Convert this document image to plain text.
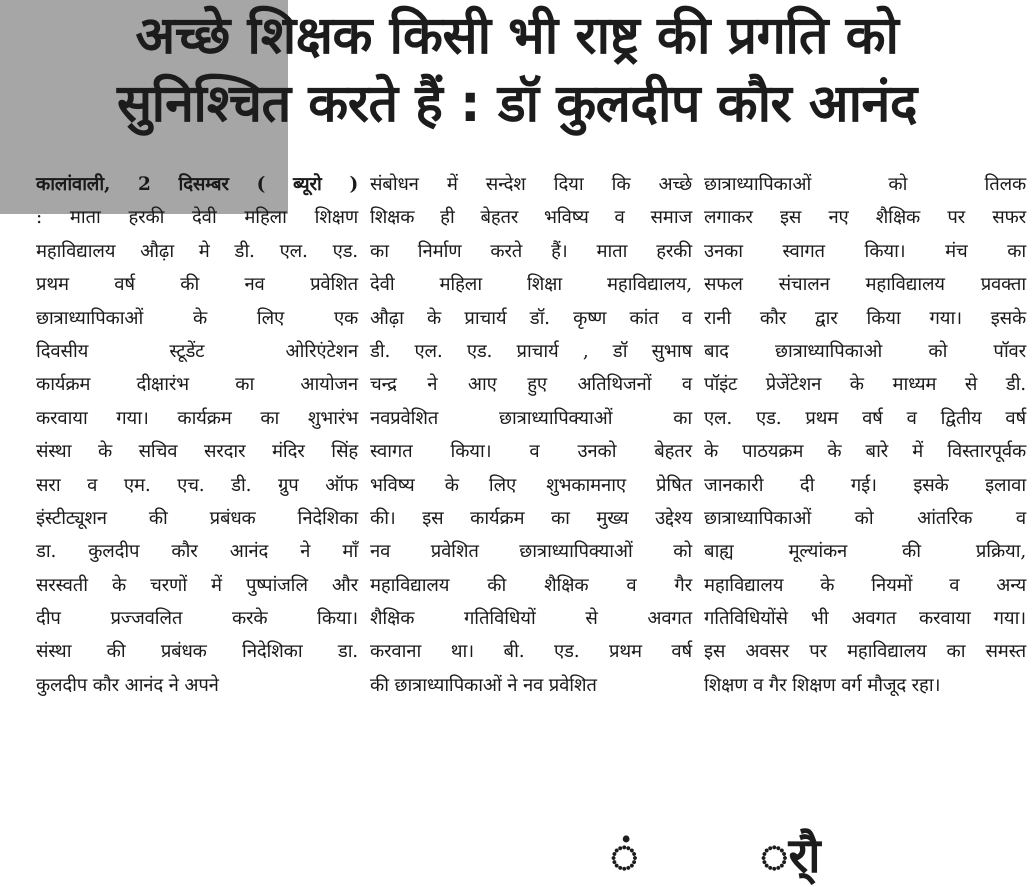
अच्छे शिक्षक किसी भी राष्ट्र की प्रगति को
सुनिश्चित करते हैं : डॉ कुलदीप कौर आनंद
कालांवाली, 2 दिसम्बर ( ब्यूरो )
: माता हरकी देवी महिला शिक्षण
महाविद्यालय औढ़ा मे डी. एल. एड.
प्रथम वर्ष की नव प्रवेशित
छात्राध्यापिकाओं के लिए एक
दिवसीय स्टूडेंट ओरिएंटेशन
कार्यक्रम दीक्षारंभ का आयोजन
करवाया गया। कार्यक्रम का शुभारंभ
संस्था के सचिव सरदार मंदिर सिंह
सरा व एम. एच. डी. ग्रुप ऑफ
इंस्टीट्यूशन की प्रबंधक निदेशिका
डा. कुलदीप कौर आनंद ने माँ
सरस्वती के चरणों में पुष्पांजलि और
दीप प्रज्जवलित करके किया।
संस्था की प्रबंधक निदेशिका डा.
कुलदीप कौर आनंद ने अपने
संबोधन में सन्देश दिया कि अच्छे
शिक्षक ही बेहतर भविष्य व समाज
का निर्माण करते हैं। माता हरकी
देवी महिला शिक्षा महाविद्यालय,
औढ़ा के प्राचार्य डॉ. कृष्ण कांत व
डी. एल. एड. प्राचार्य , डॉ सुभाष
चन्द्र ने आए हुए अतिथिजनों व
नवप्रवेशित छात्राध्यापिक्याओं का
स्वागत किया। व उनको बेहतर
भविष्य के लिए शुभकामनाए प्रेषित
की। इस कार्यक्रम का मुख्य उद्देश्य
नव प्रवेशित छात्राध्यापिक्याओं को
महाविद्यालय की शैक्षिक व गैर
शैक्षिक गतिविधियों से अवगत
करवाना था। बी. एड. प्रथम वर्ष
की छात्राध्यापिकाओं ने नव प्रवेशित
छात्राध्यापिकाओं को तिलक
लगाकर इस नए शैक्षिक पर सफर
उनका स्वागत किया। मंच का
सफल संचालन महाविद्यालय प्रवक्ता
रानी कौर द्वार किया गया। इसके
बाद छात्राध्यापिकाओ को पॉवर
पॉइंट प्रेजेंटेशन के माध्यम से डी.
एल. एड. प्रथम वर्ष व द्वितीय वर्ष
के पाठयक्रम के बारे में विस्तारपूर्वक
जानकारी दी गई। इसके इलावा
छात्राध्यापिकाओं को आंतरिक व
बाह्य मूल्यांकन की प्रक्रिया,
महाविद्यालय के नियमों व अन्य
गतिविधियोंसे भी अवगत करवाया गया।
इस अवसर पर महाविद्यालय का समस्त
शिक्षण व गैर शिक्षण वर्ग मौजूद रहा।
ं	र्ौ
